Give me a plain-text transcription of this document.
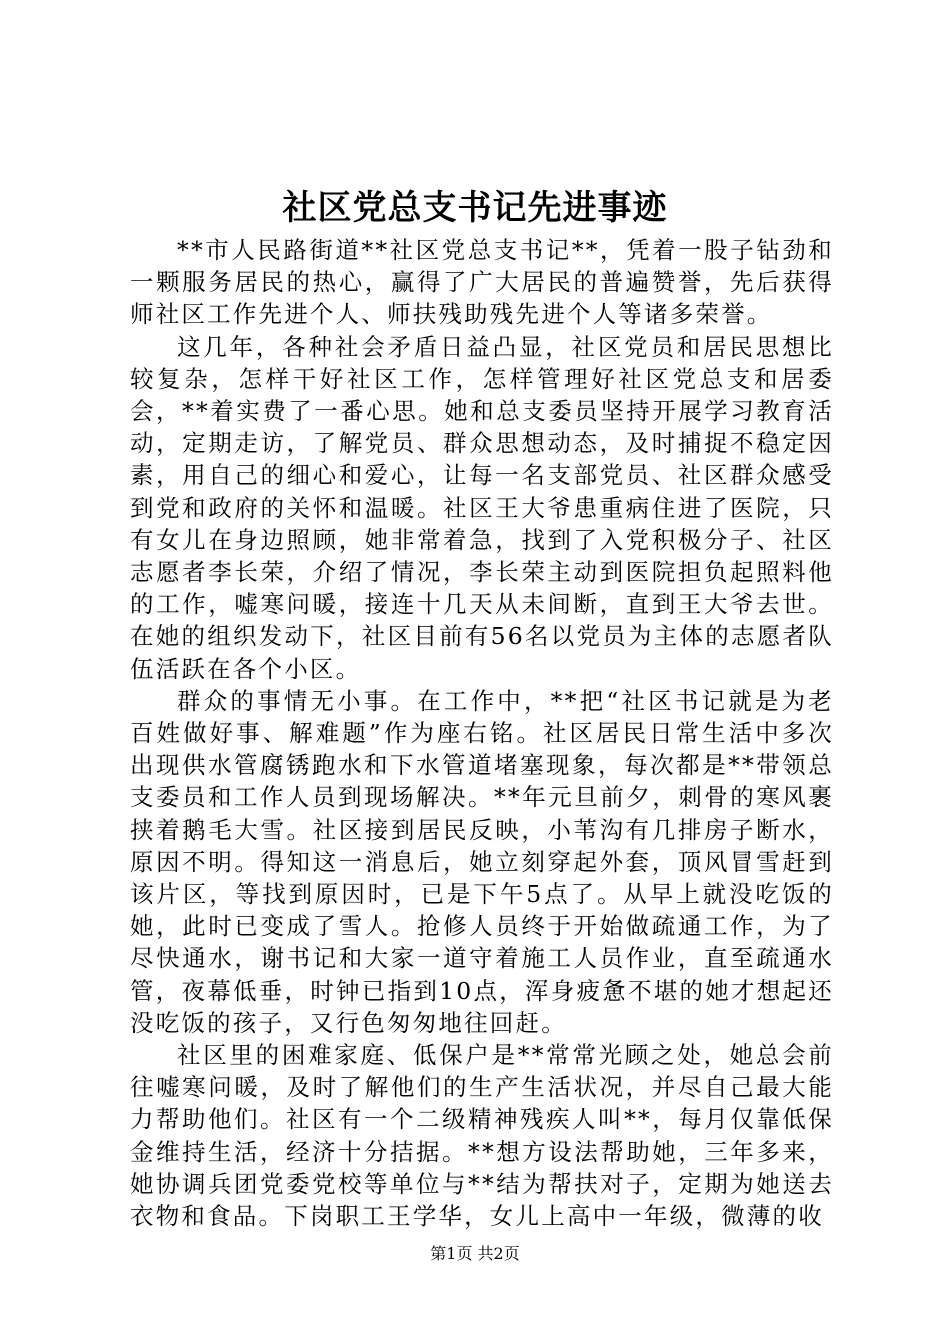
社区党总支书记先进事迹

**市人民路街道**社区党总支书记**，凭着一股子钻劲和一颗服务居民的热心，赢得了广大居民的普遍赞誉，先后获得师社区工作先进个人、师扶残助残先进个人等诸多荣誉。

这几年，各种社会矛盾日益凸显，社区党员和居民思想比较复杂，怎样干好社区工作，怎样管理好社区党总支和居委会，**着实费了一番心思。她和总支委员坚持开展学习教育活动，定期走访，了解党员、群众思想动态，及时捕捉不稳定因素，用自己的细心和爱心，让每一名支部党员、社区群众感受到党和政府的关怀和温暖。社区王大爷患重病住进了医院，只有女儿在身边照顾，她非常着急，找到了入党积极分子、社区志愿者李长荣，介绍了情况，李长荣主动到医院担负起照料他的工作，嘘寒问暖，接连十几天从未间断，直到王大爷去世。在她的组织发动下，社区目前有56名以党员为主体的志愿者队伍活跃在各个小区。

群众的事情无小事。在工作中，**把“社区书记就是为老百姓做好事、解难题”作为座右铭。社区居民日常生活中多次出现供水管腐锈跑水和下水管道堵塞现象，每次都是**带领总支委员和工作人员到现场解决。**年元旦前夕，刺骨的寒风裹挟着鹅毛大雪。社区接到居民反映，小苇沟有几排房子断水，原因不明。得知这一消息后，她立刻穿起外套，顶风冒雪赶到该片区，等找到原因时，已是下午5点了。从早上就没吃饭的她，此时已变成了雪人。抢修人员终于开始做疏通工作，为了尽快通水，谢书记和大家一道守着施工人员作业，直至疏通水管，夜幕低垂，时钟已指到10点，浑身疲惫不堪的她才想起还没吃饭的孩子，又行色匆匆地往回赶。

社区里的困难家庭、低保户是**常常光顾之处，她总会前往嘘寒问暖，及时了解他们的生产生活状况，并尽自己最大能力帮助他们。社区有一个二级精神残疾人叫**，每月仅靠低保金维持生活，经济十分拮据。**想方设法帮助她，三年多来，她协调兵团党委党校等单位与**结为帮扶对子，定期为她送去衣物和食品。下岗职工王学华，女儿上高中一年级，微薄的收

第1页 共2页
